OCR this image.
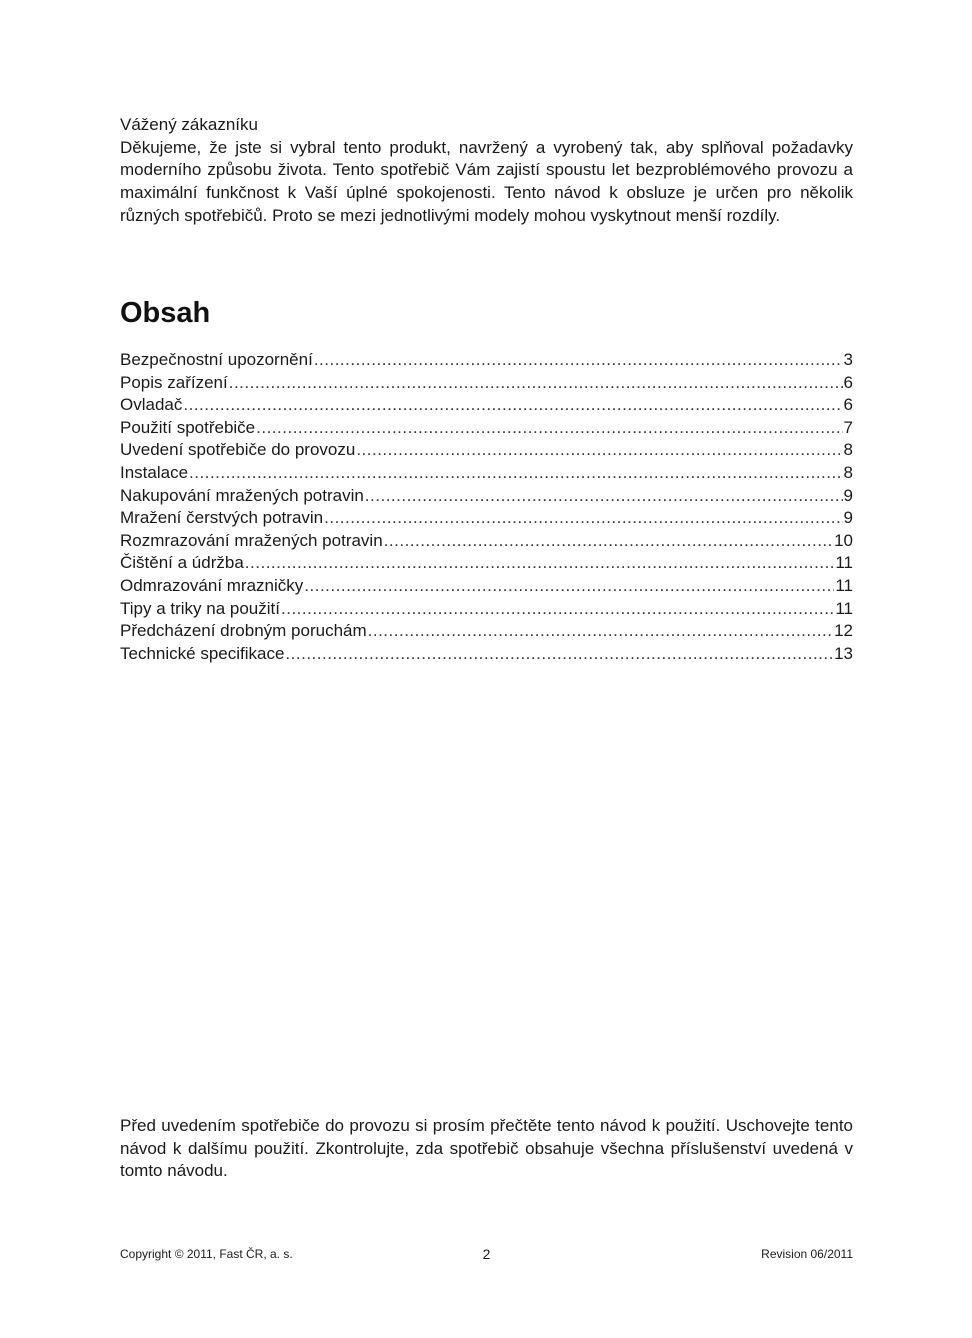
Vážený zákazníku
Děkujeme, že jste si vybral tento produkt, navržený a vyrobený tak, aby splňoval požadavky moderního způsobu života. Tento spotřebič Vám zajistí spoustu let bezproblémového provozu a maximální funkčnost k Vaší úplné spokojenosti. Tento návod k obsluze je určen pro několik různých spotřebičů. Proto se mezi jednotlivými modely mohou vyskytnout menší rozdíly.
Obsah
Bezpečnostní upozornění .....	3
Popis zařízení .....	6
Ovladač .....	6
Použití spotřebiče .....	7
Uvedení spotřebiče do provozu .....	8
Instalace .....	8
Nakupování mražených potravin .....	9
Mražení čerstvých potravin .....	9
Rozmrazování mražených potravin .....	10
Čištění a údržba .....	11
Odmrazování mrazničky .....	11
Tipy a triky na použití .....	11
Předcházení drobným poruchám .....	12
Technické specifikace .....	13

Před uvedením spotřebiče do provozu si prosím přečtěte tento návod k použití. Uschovejte tento návod k dalšímu použití. Zkontrolujte, zda spotřebič obsahuje všechna příslušenství uvedená v tomto návodu.

Copyright © 2011, Fast ČR, a. s.	2	Revision 06/2011
